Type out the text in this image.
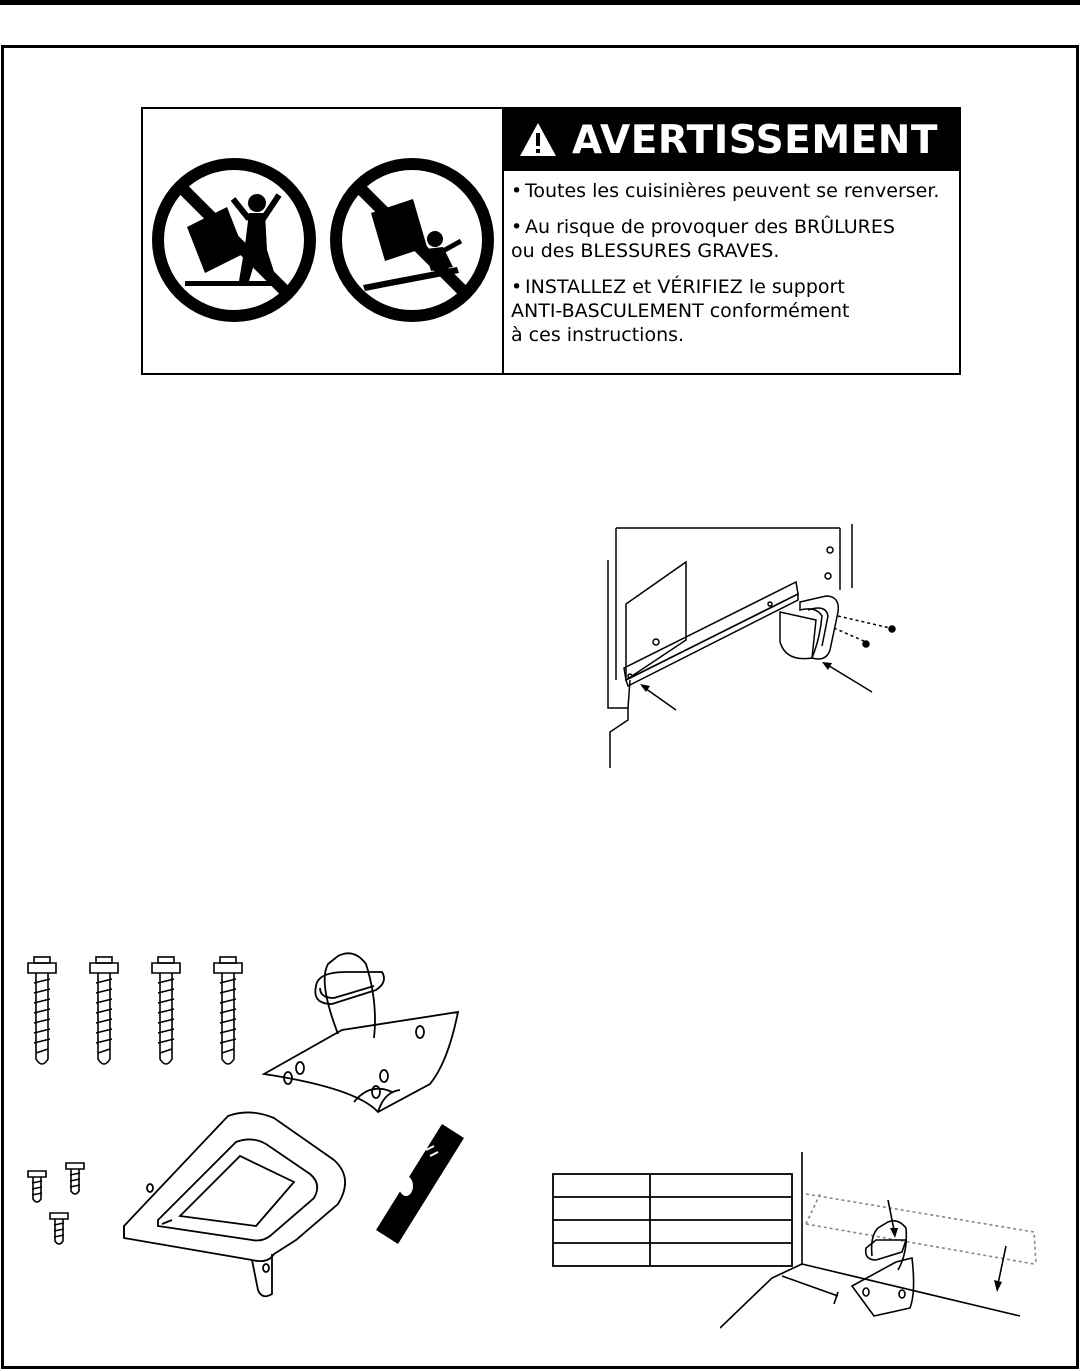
AVERTISSEMENT
• Toutes les cuisinières peuvent se renverser.
• Au risque de provoquer des BRÛLURES
ou des BLESSURES GRAVES.
• INSTALLEZ et VÉRIFIEZ le support
ANTI-BASCULEMENT conformément
à ces instructions.
